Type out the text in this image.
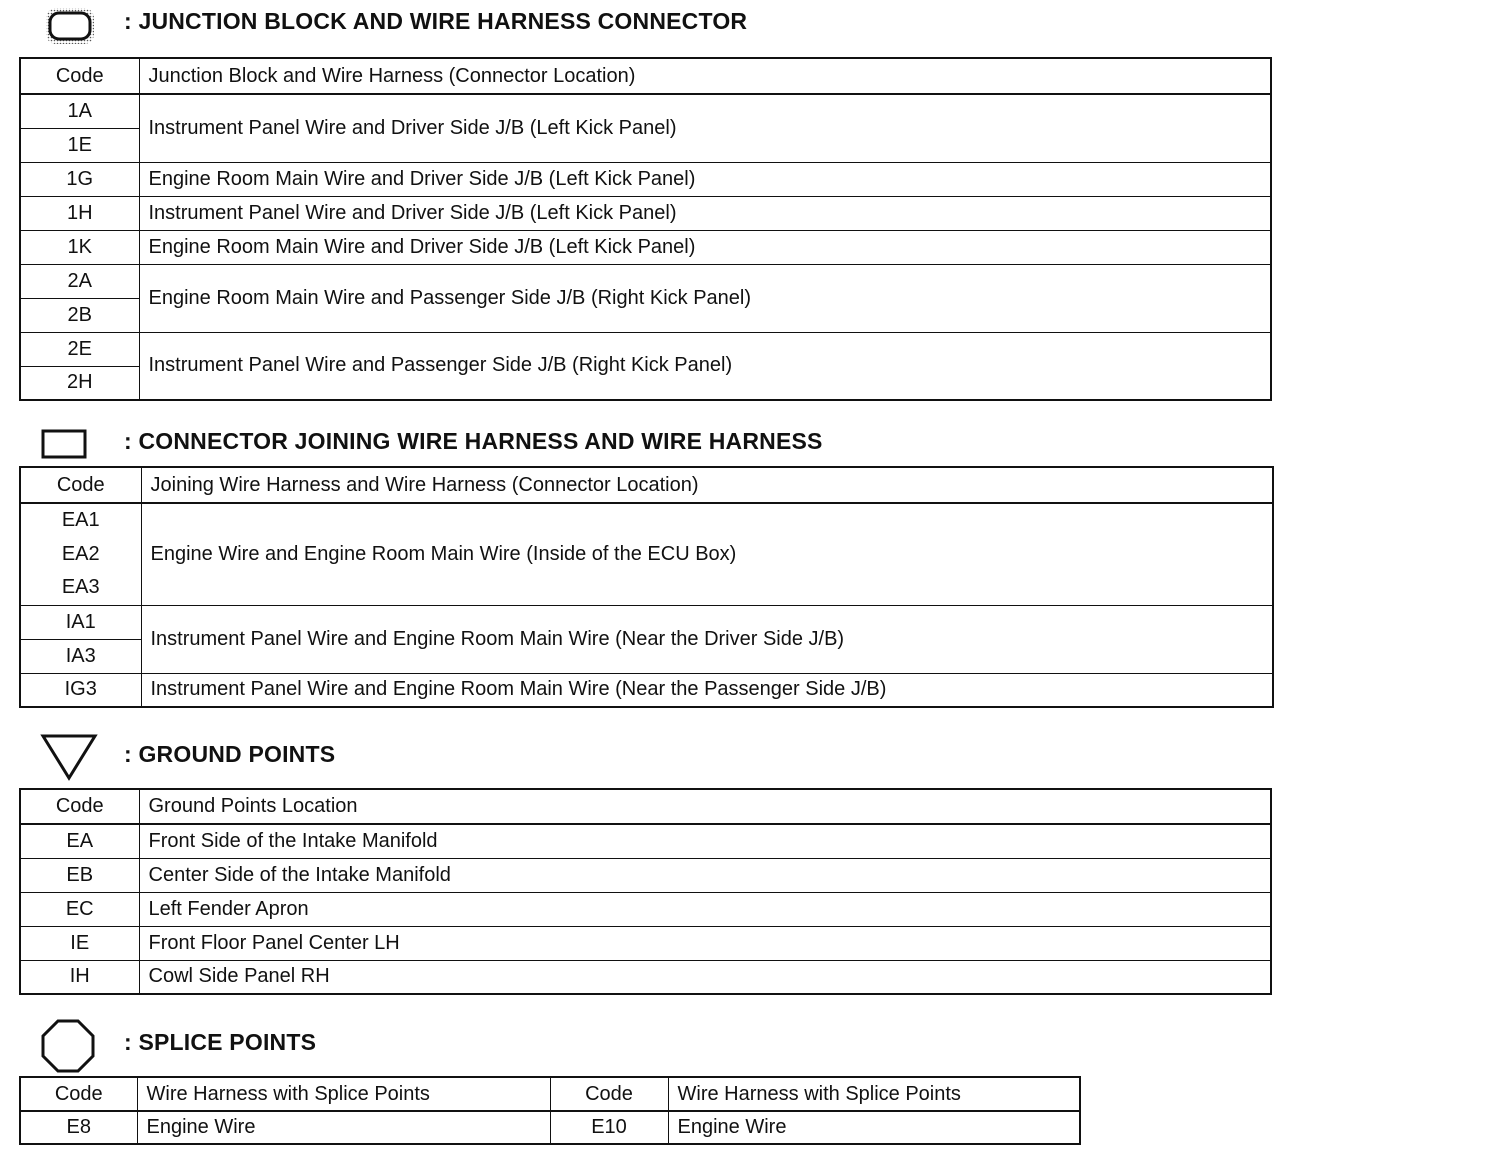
: JUNCTION BLOCK AND WIRE HARNESS CONNECTOR
Code	Junction Block and Wire Harness (Connector Location)
1A	Instrument Panel Wire and Driver Side J/B (Left Kick Panel)
1E	
1G	Engine Room Main Wire and Driver Side J/B (Left Kick Panel)
1H	Instrument Panel Wire and Driver Side J/B (Left Kick Panel)
1K	Engine Room Main Wire and Driver Side J/B (Left Kick Panel)
2A	Engine Room Main Wire and Passenger Side J/B (Right Kick Panel)
2B	
2E	Instrument Panel Wire and Passenger Side J/B (Right Kick Panel)
2H	
: CONNECTOR JOINING WIRE HARNESS AND WIRE HARNESS
Code	Joining Wire Harness and Wire Harness (Connector Location)
EA1	Engine Wire and Engine Room Main Wire (Inside of the ECU Box)
EA2	
EA3	
IA1	Instrument Panel Wire and Engine Room Main Wire (Near the Driver Side J/B)
IA3	
IG3	Instrument Panel Wire and Engine Room Main Wire (Near the Passenger Side J/B)
: GROUND POINTS
Code	Ground Points Location
EA	Front Side of the Intake Manifold
EB	Center Side of the Intake Manifold
EC	Left Fender Apron
IE	Front Floor Panel Center LH
IH	Cowl Side Panel RH
: SPLICE POINTS
Code	Wire Harness with Splice Points	Code	Wire Harness with Splice Points
E8	Engine Wire	E10	Engine Wire
